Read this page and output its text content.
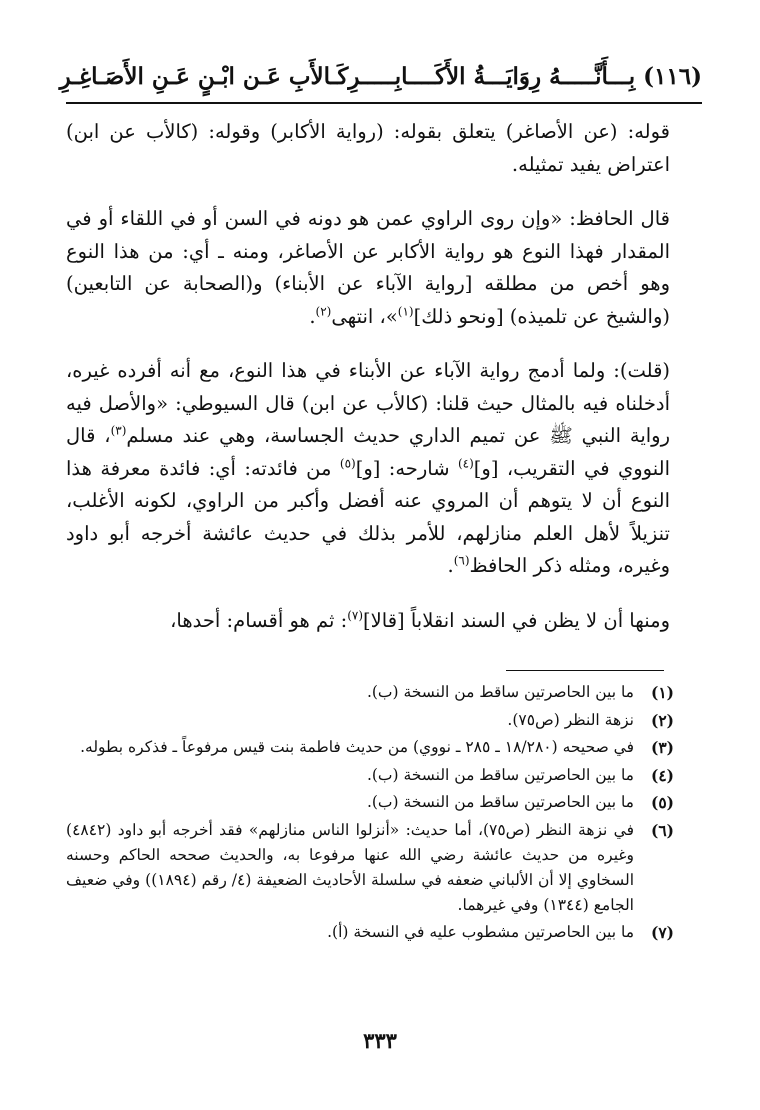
(١١٦) بِـــأَنَّـــــهُ رِوَايَـــةُ الأَكَــــابِـــــرِ
كَـالأَبِ عَـن ابْـنٍ عَـنِ الأَصَـاغِـرِ

قوله: (عن الأصاغر) يتعلق بقوله: (رواية الأكابر) وقوله: (كالأب عن ابن) اعتراض يفيد تمثيله.

قال الحافظ: «وإن روى الراوي عمن هو دونه في السن أو في اللقاء أو في المقدار فهذا النوع هو رواية الأكابر عن الأصاغر، ومنه ـ أي: من هذا النوع وهو أخص من مطلقه [رواية الآباء عن الأبناء) و(الصحابة عن التابعين) (والشيخ عن تلميذه) [ونحو ذلك]$^{(١)}$»، انتهى$^{(٢)}$.

(قلت): ولما أدمج رواية الآباء عن الأبناء في هذا النوع، مع أنه أفرده غيره، أدخلناه فيه بالمثال حيث قلنا: (كالأب عن ابن) قال السيوطي: «والأصل فيه رواية النبي ﷺ عن تميم الداري حديث الجساسة، وهي عند مسلم$^{(٣)}$، قال النووي في التقريب، [و]$^{(٤)}$ شارحه: [و]$^{(٥)}$ من فائدته: أي: فائدة معرفة هذا النوع أن لا يتوهم أن المروي عنه أفضل وأكبر من الراوي، لكونه الأغلب، تنزيلاً لأهل العلم منازلهم، للأمر بذلك في حديث عائشة أخرجه أبو داود وغيره، ومثله ذكر الحافظ$^{(٦)}$.

ومنها أن لا يظن في السند انقلاباً [قالا]$^{(٧)}$: ثم هو أقسام: أحدها،

(١)
ما بين الحاصرتين ساقط من النسخة (ب).
(٢)
نزهة النظر (ص٧٥).
(٣)
في صحيحه (١٨/٢٨٠ ـ ٢٨٥ ـ نووي) من حديث فاطمة بنت قيس مرفوعاً ـ فذكره بطوله.
(٤)
ما بين الحاصرتين ساقط من النسخة (ب).
(٥)
ما بين الحاصرتين ساقط من النسخة (ب).
(٦)
في نزهة النظر (ص٧٥)، أما حديث: «أنزلوا الناس منازلهم» فقد أخرجه أبو داود (٤٨٤٢) وغيره من حديث عائشة رضي الله عنها مرفوعا به، والحديث صححه الحاكم وحسنه السخاوي إلا أن الألباني ضعفه في سلسلة الأحاديث الضعيفة (٤/ رقم (١٨٩٤)) وفي ضعيف الجامع (١٣٤٤) وفي غيرهما.
(٧)
ما بين الحاصرتين مشطوب عليه في النسخة (أ).
٣٣٣
